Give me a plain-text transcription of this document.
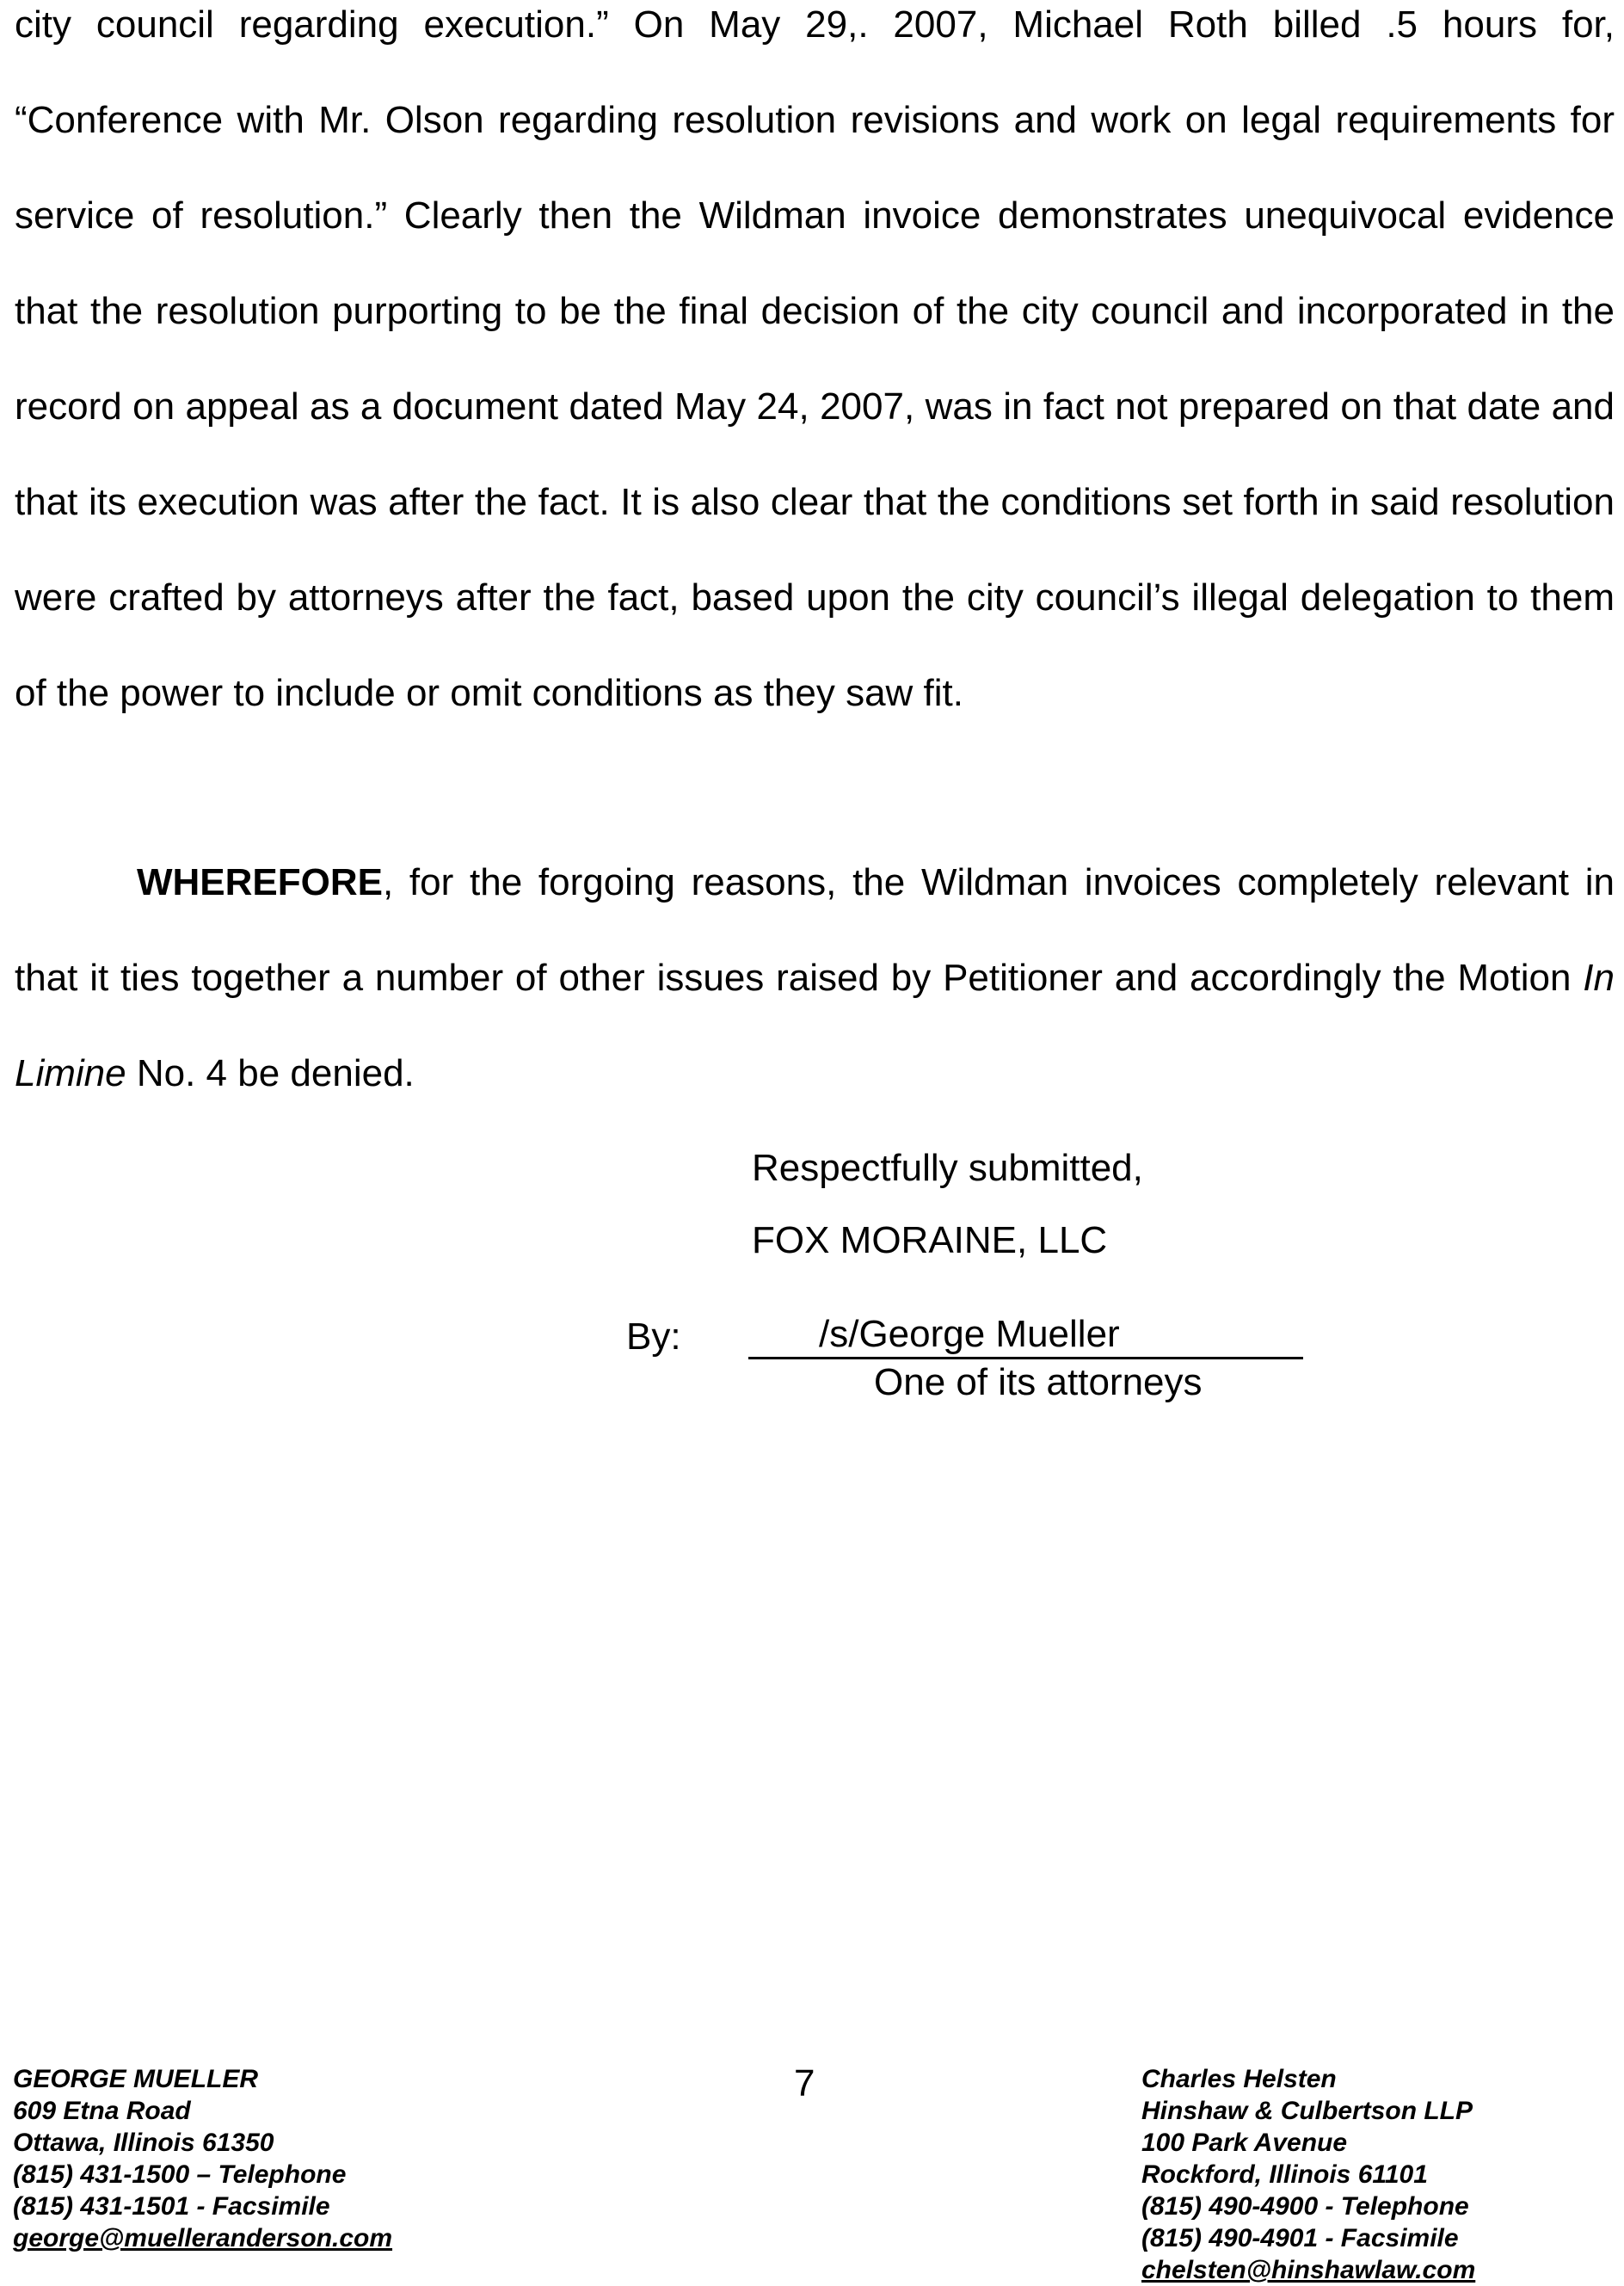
city council regarding execution.” On May 29,. 2007, Michael Roth billed .5 hours for, “Conference with Mr. Olson regarding resolution revisions and work on legal requirements for service of resolution.” Clearly then the Wildman invoice demonstrates unequivocal evidence that the resolution purporting to be the final decision of the city council and incorporated in the record on appeal as a document dated May 24, 2007, was in fact not prepared on that date and that its execution was after the fact. It is also clear that the conditions set forth in said resolution were crafted by attorneys after the fact, based upon the city council’s illegal delegation to them of the power to include or omit conditions as they saw fit.

WHEREFORE, for the forgoing reasons, the Wildman invoices completely relevant in that it ties together a number of other issues raised by Petitioner and accordingly the Motion In Limine No. 4 be denied.

Respectfully submitted,
FOX MORAINE, LLC
By:	/s/George Mueller
One of its attorneys
GEORGE MUELLER
609 Etna Road
Ottawa, Illinois 61350
(815) 431-1500 – Telephone
(815) 431-1501 - Facsimile
george@muelleranderson.com
7	Charles Helsten
Hinshaw & Culbertson LLP
100 Park Avenue
Rockford, Illinois 61101
(815) 490-4900 - Telephone
(815) 490-4901 - Facsimile
chelsten@hinshawlaw.com
